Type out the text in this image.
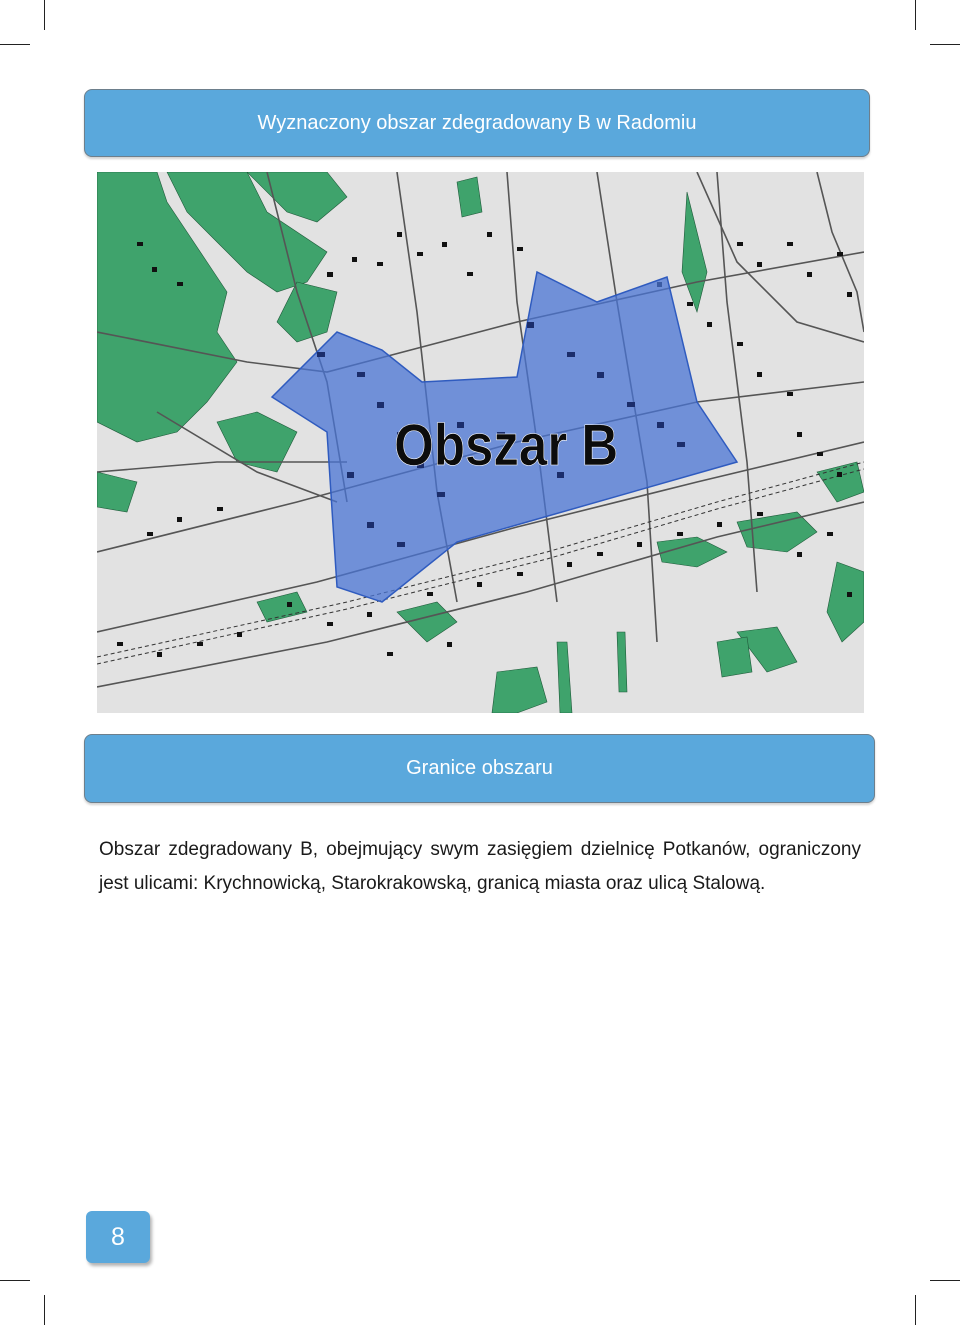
Wyznaczony obszar zdegradowany B w Radomiu
Obszar B
Granice obszaru
Obszar zdegradowany B, obejmujący swym zasięgiem dzielnicę Potkanów, ograniczony jest ulicami: Krychnowicką, Starokrakowską, granicą miasta oraz ulicą Stalową.
8
